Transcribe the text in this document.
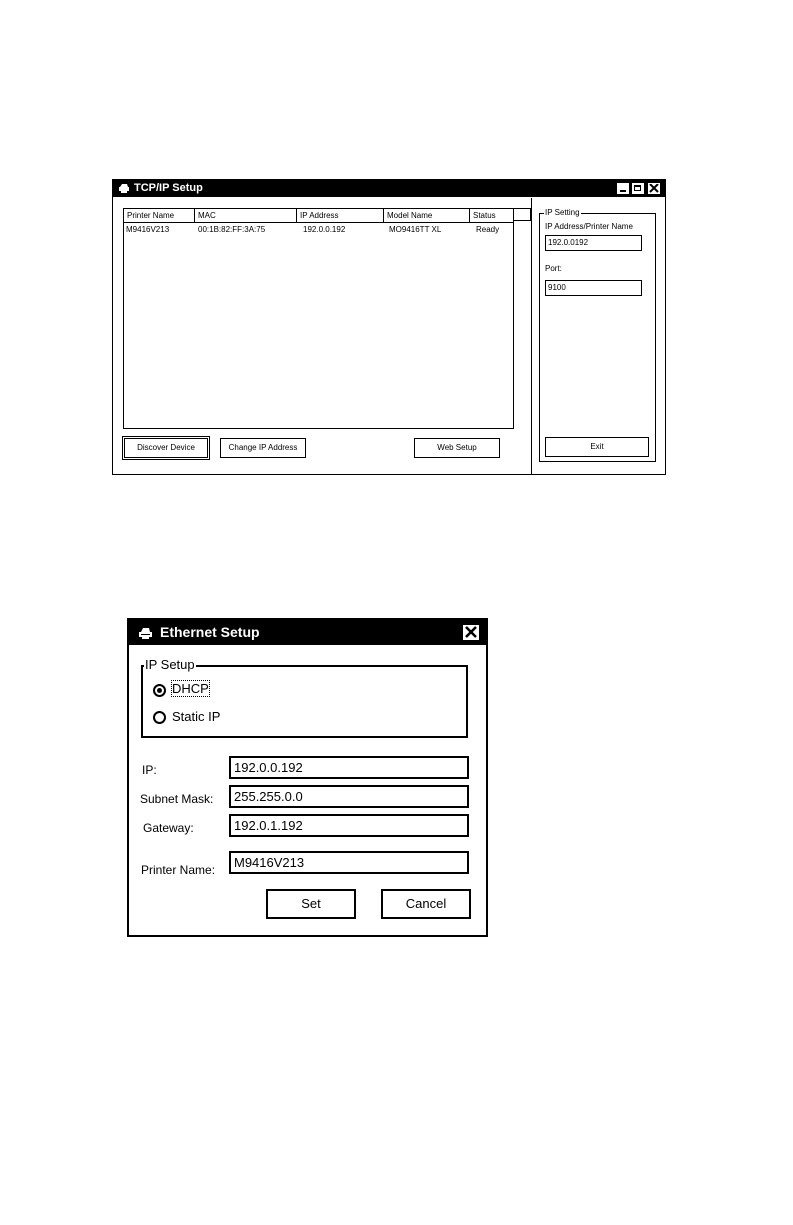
TCP/IP Setup
Printer Name	MAC	IP Address	Model Name	Status
M9416V213	00:1B:82:FF:3A:75	192.0.0.192	MO9416TT XL	Ready
Discover Device	Change IP Address	Web Setup
IP Setting
IP Address/Printer Name
192.0.0192
Port:
9100
Exit
Ethernet Setup
IP Setup
DHCP
Static IP
IP:	192.0.0.192
Subnet Mask:	255.255.0.0
Gateway:	192.0.1.192
Printer Name:	M9416V213
Set	Cancel
